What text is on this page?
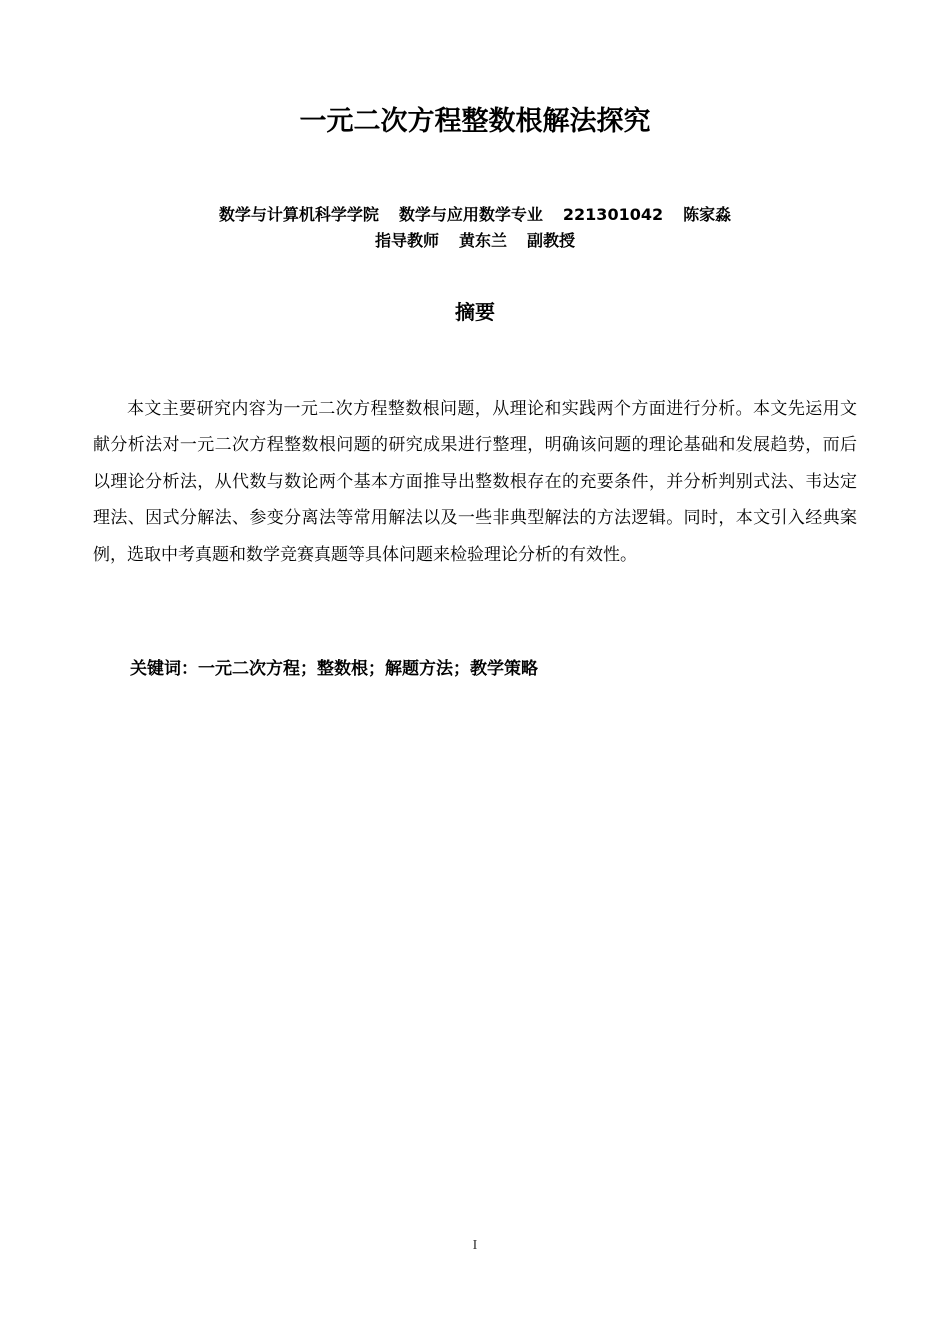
一元二次方程整数根解法探究
数学与计算机科学学院 数学与应用数学专业 221301042 陈家淼
指导教师 黄东兰 副教授
摘要

本文主要研究内容为一元二次方程整数根问题，从理论和实践两个方面进行分析。本文先运用文献分析法对一元二次方程整数根问题的研究成果进行整理，明确该问题的理论基础和发展趋势，而后以理论分析法，从代数与数论两个基本方面推导出整数根存在的充要条件，并分析判别式法、韦达定理法、因式分解法、参变分离法等常用解法以及一些非典型解法的方法逻辑。同时，本文引入经典案例，选取中考真题和数学竞赛真题等具体问题来检验理论分析的有效性。

关键词：一元二次方程；整数根；解题方法；教学策略
I
